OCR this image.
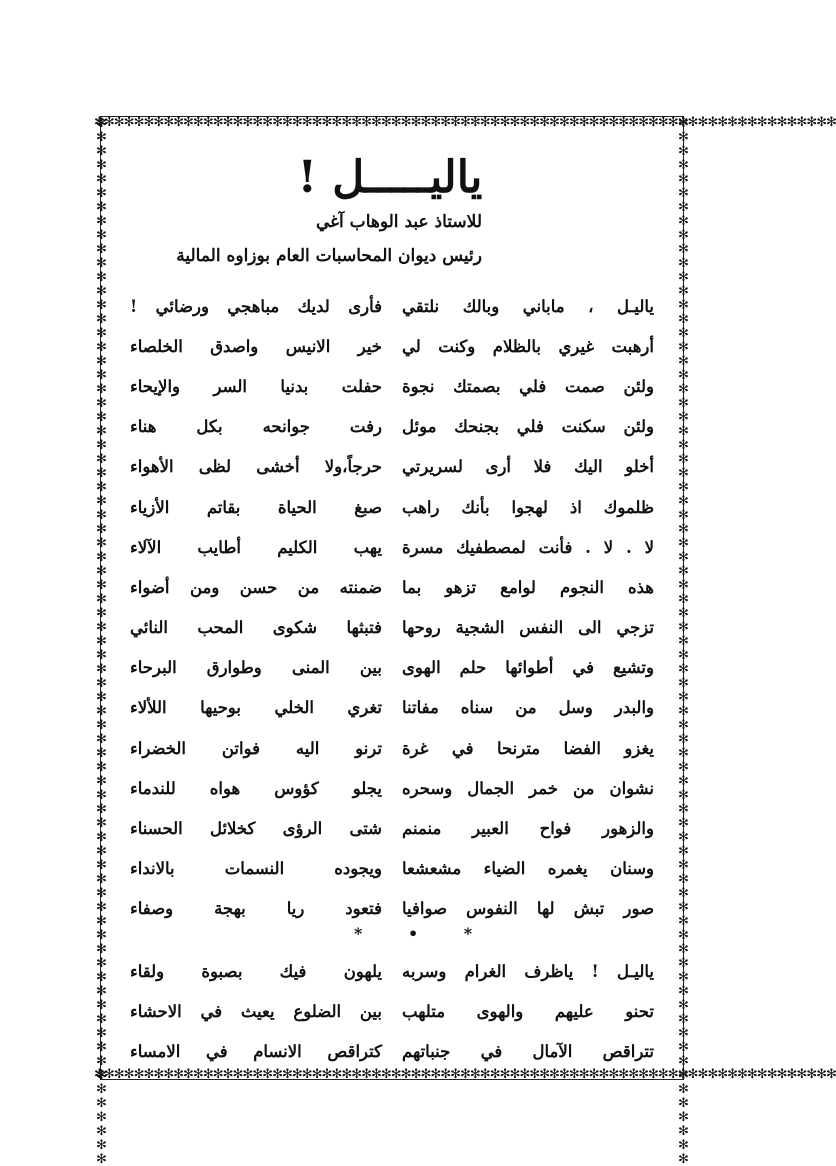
✻✻✻✻✻✻✻✻✻✻✻✻✻✻✻✻✻✻✻✻✻✻✻✻✻✻✻✻✻✻✻✻✻✻✻✻✻✻✻✻✻✻✻✻✻✻✻✻✻✻✻✻✻✻✻✻✻✻✻✻✻✻✻✻✻✻✻✻✻✻✻✻✻✻✻
✻✻✻✻✻✻✻✻✻✻✻✻✻✻✻✻✻✻✻✻✻✻✻✻✻✻✻✻✻✻✻✻✻✻✻✻✻✻✻✻✻✻✻✻✻✻✻✻✻✻✻✻✻✻✻✻✻✻✻✻✻✻✻✻✻✻✻✻✻✻✻✻✻✻✻
✻✻✻✻✻✻✻✻✻✻✻✻✻✻✻✻✻✻✻✻✻✻✻✻✻✻✻✻✻✻✻✻✻✻✻✻✻✻✻✻✻✻✻✻✻✻✻✻✻✻✻✻✻✻✻✻✻✻✻✻✻✻✻✻✻✻✻✻✻✻✻✻✻✻✻	✻✻✻✻✻✻✻✻✻✻✻✻✻✻✻✻✻✻✻✻✻✻✻✻✻✻✻✻✻✻✻✻✻✻✻✻✻✻✻✻✻✻✻✻✻✻✻✻✻✻✻✻✻✻✻✻✻✻✻✻✻✻✻✻✻✻✻✻✻✻✻✻✻✻✻
ياليـــــل !
للاستاذ عبد الوهاب آغي
رئيس ديوان المحاسبات العام بوزاوه المالية
ياليـل ، ماباني وبالك نلتقي
فأرى لديك مباهجي ورضائي !
أرهبت غيري بالظلام وكنت لي
خير الانيس واصدق الخلصاء
ولئن صمت فلي بصمتك نجوة
حفلت بدنيا السر والإيحاء
ولئن سكنت فلي بجنحك موئل
رفت جوانحه بكل هناء
أخلو اليك فلا أرى لسريرتي
حرجاً،ولا أخشى لظى الأهواء
ظلموك اذ لهجوا بأنك راهب
صبغ الحياة بقاتم الأزياء
لا . لا . فأنت لمصطفيك مسرة
يهب الكليم أطايب الآلاء
هذه النجوم لوامع تزهو بما
ضمنته من حسن ومن أضواء
تزجي الى النفس الشجية روحها
فتبثها شكوى المحب النائي
وتشيع في أطوائها حلم الهوى
بين المنى وطوارق البرحاء
والبدر وسل من سناه مفاتنا
تغري الخلي بوحيها اللألاء
يغزو الفضا مترنحا في غرة
ترنو اليه فواتن الخضراء
نشوان من خمر الجمال وسحره
يجلو كؤوس هواه للندماء
والزهور فواح العبير منمنم
شتى الرؤى كخلائل الحسناء
وسنان يغمره الضياء مشعشعا
ويجوده النسمات بالانداء
صور تبش لها النفوس صوافيا
فتعود ريا بهجة وصفاء
ياليـل ! ياظرف الغرام وسربه
يلهون فيك بصبوة ولقاء
تحنو عليهم والهوى متلهب
بين الضلوع يعيث في الاحشاء
تتراقص الآمال في جنباتهم
كتراقص الانسام في الامساء
* • *
